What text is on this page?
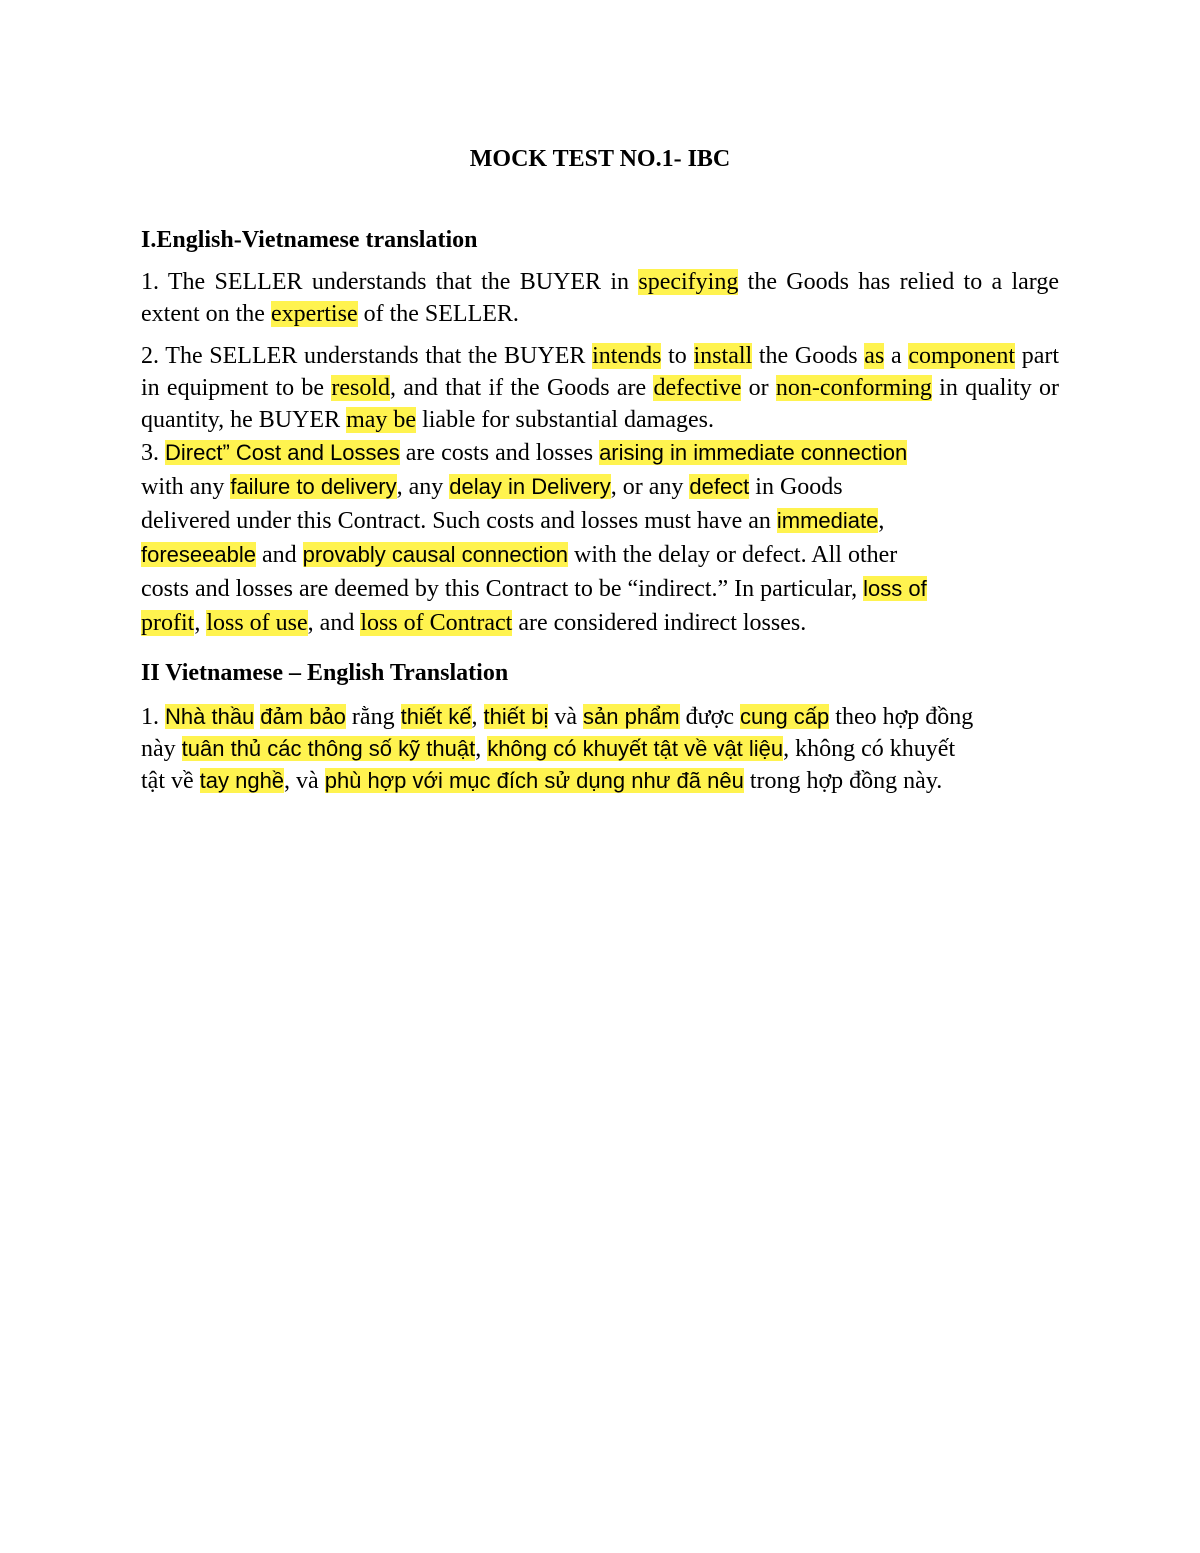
MOCK TEST NO.1- IBC
I.English-Vietnamese translation

1. The SELLER understands that the BUYER in specifying the Goods has relied to a large extent on the expertise of the SELLER.

2. The SELLER understands that the BUYER intends to install the Goods as a component part in equipment to be resold, and that if the Goods are defective or non-conforming in quality or quantity, he BUYER may be liable for substantial damages.

3. Direct” Cost and Losses are costs and losses arising in immediate connection
with any failure to delivery, any delay in Delivery, or any defect in Goods
delivered under this Contract. Such costs and losses must have an immediate,
foreseeable and provably causal connection with the delay or defect. All other
costs and losses are deemed by this Contract to be “indirect.” In particular, loss of
profit, loss of use, and loss of Contract are considered indirect losses.
II Vietnamese – English Translation
1. Nhà thầu đảm bảo rằng thiết kế, thiết bị và sản phẩm được cung cấp theo hợp đồng
này tuân thủ các thông số kỹ thuật, không có khuyết tật về vật liệu, không có khuyết
tật về tay nghề, và phù hợp với mục đích sử dụng như đã nêu trong hợp đồng này.
